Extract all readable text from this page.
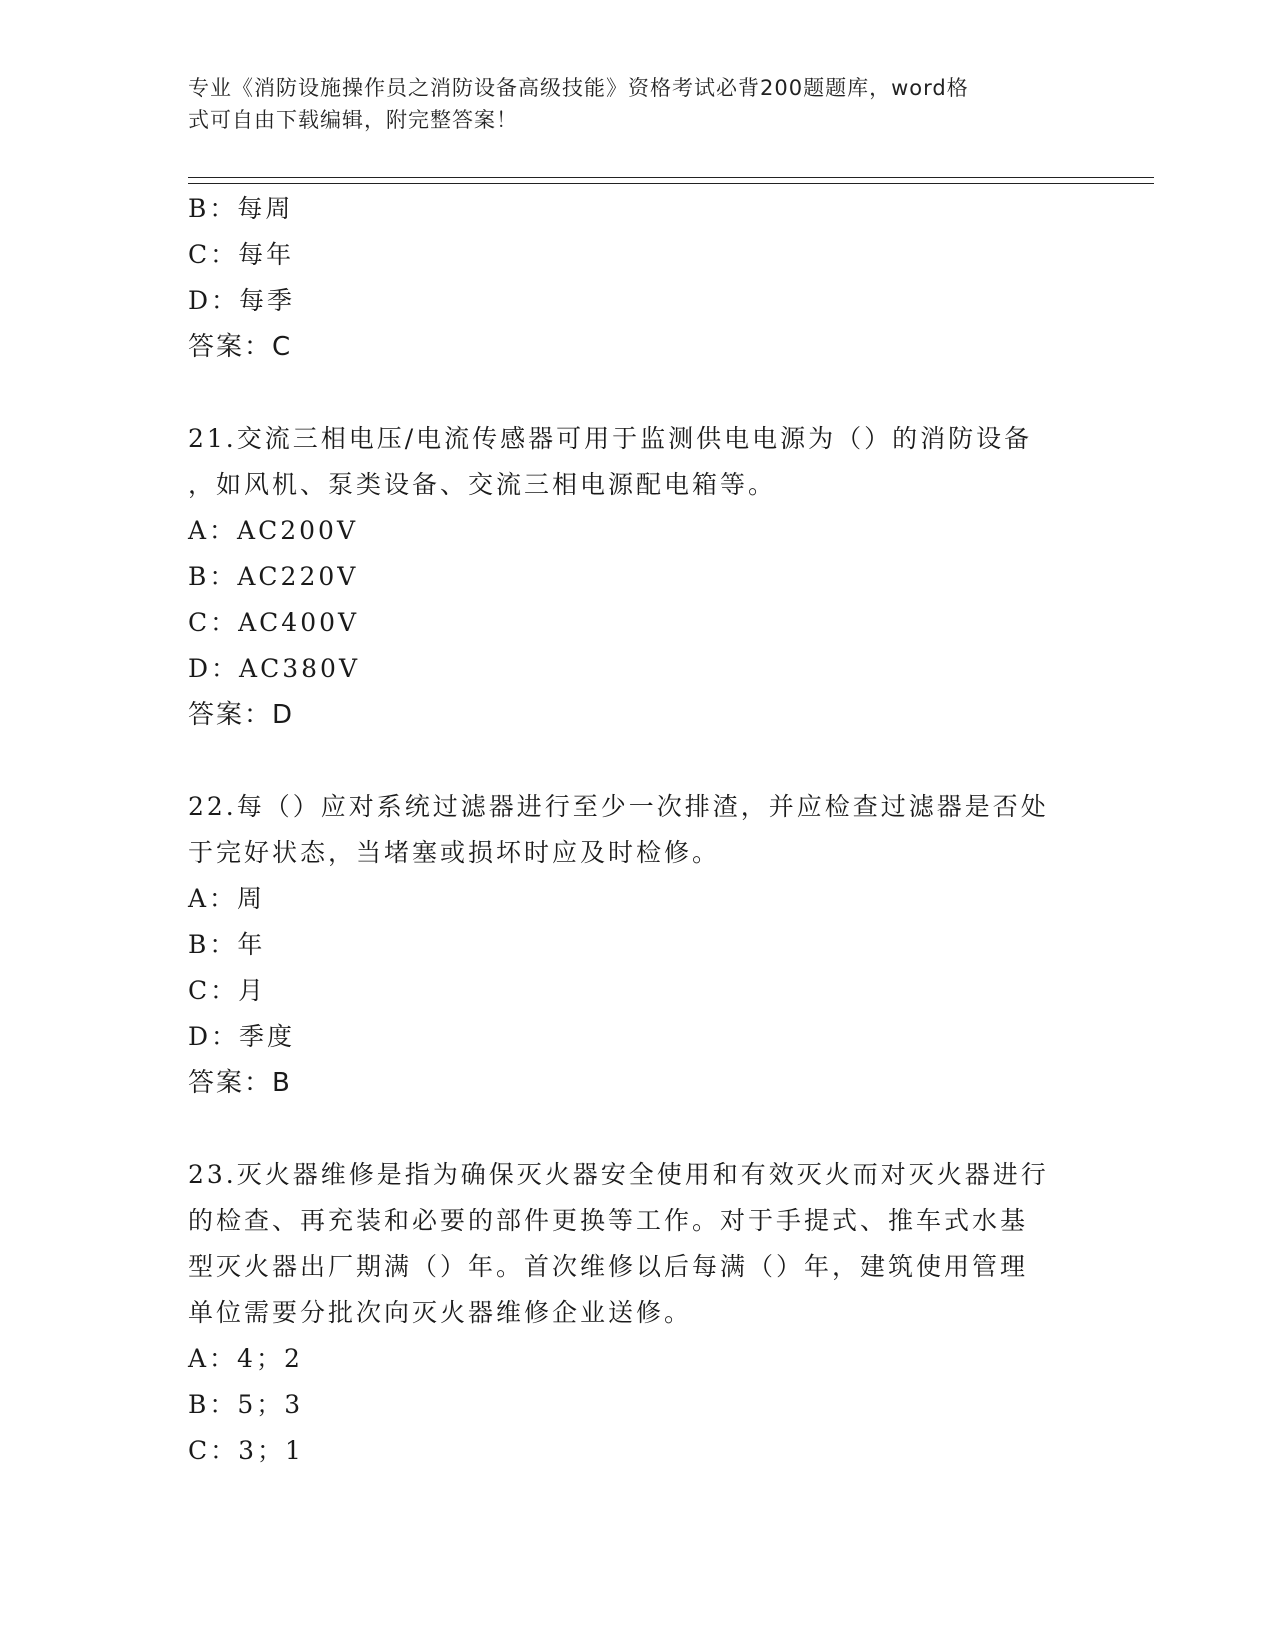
专业《消防设施操作员之消防设备高级技能》资格考试必背200题题库，word格
式可自由下载编辑，附完整答案！
B：每周
C：每年
D：每季
答案：C
21.交流三相电压/电流传感器可用于监测供电电源为（）的消防设备
，如风机、泵类设备、交流三相电源配电箱等。
A：AC200V
B：AC220V
C：AC400V
D：AC380V
答案：D
22.每（）应对系统过滤器进行至少一次排渣，并应检查过滤器是否处
于完好状态，当堵塞或损坏时应及时检修。
A：周
B：年
C：月
D：季度
答案：B
23.灭火器维修是指为确保灭火器安全使用和有效灭火而对灭火器进行
的检查、再充装和必要的部件更换等工作。对于手提式、推车式水基
型灭火器出厂期满（）年。首次维修以后每满（）年，建筑使用管理
单位需要分批次向灭火器维修企业送修。
A：4；2
B：5；3
C：3；1
